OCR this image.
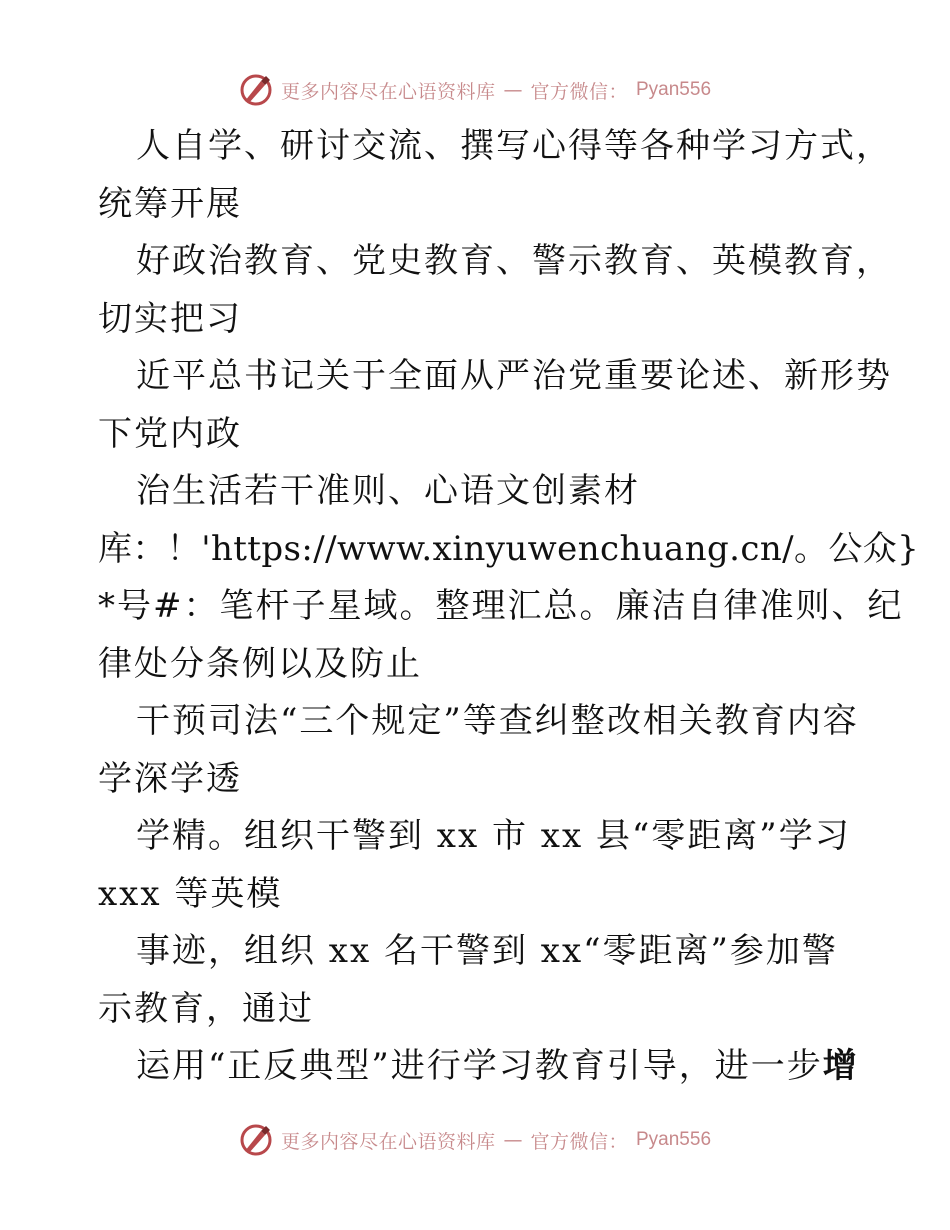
更多内容尽在心语资料库 — 官方微信： Pyan556
人自学、研讨交流、撰写心得等各种学习方式，
统筹开展
好政治教育、党史教育、警示教育、英模教育，
切实把习
近平总书记关于全面从严治党重要论述、新形势
下党内政
治生活若干准则、心语文创素材
库：！'https://www.xinyuwenchuang.cn/。公众}
*号#：笔杆子星域。整理汇总。廉洁自律准则、纪
律处分条例以及防止
干预司法“三个规定”等查纠整改相关教育内容
学深学透
学精。组织干警到 xx 市 xx 县“零距离”学习
xxx 等英模
事迹，组织 xx 名干警到 xx“零距离”参加警
示教育，通过
运用“正反典型”进行学习教育引导，进一步增
更多内容尽在心语资料库 — 官方微信： Pyan556
